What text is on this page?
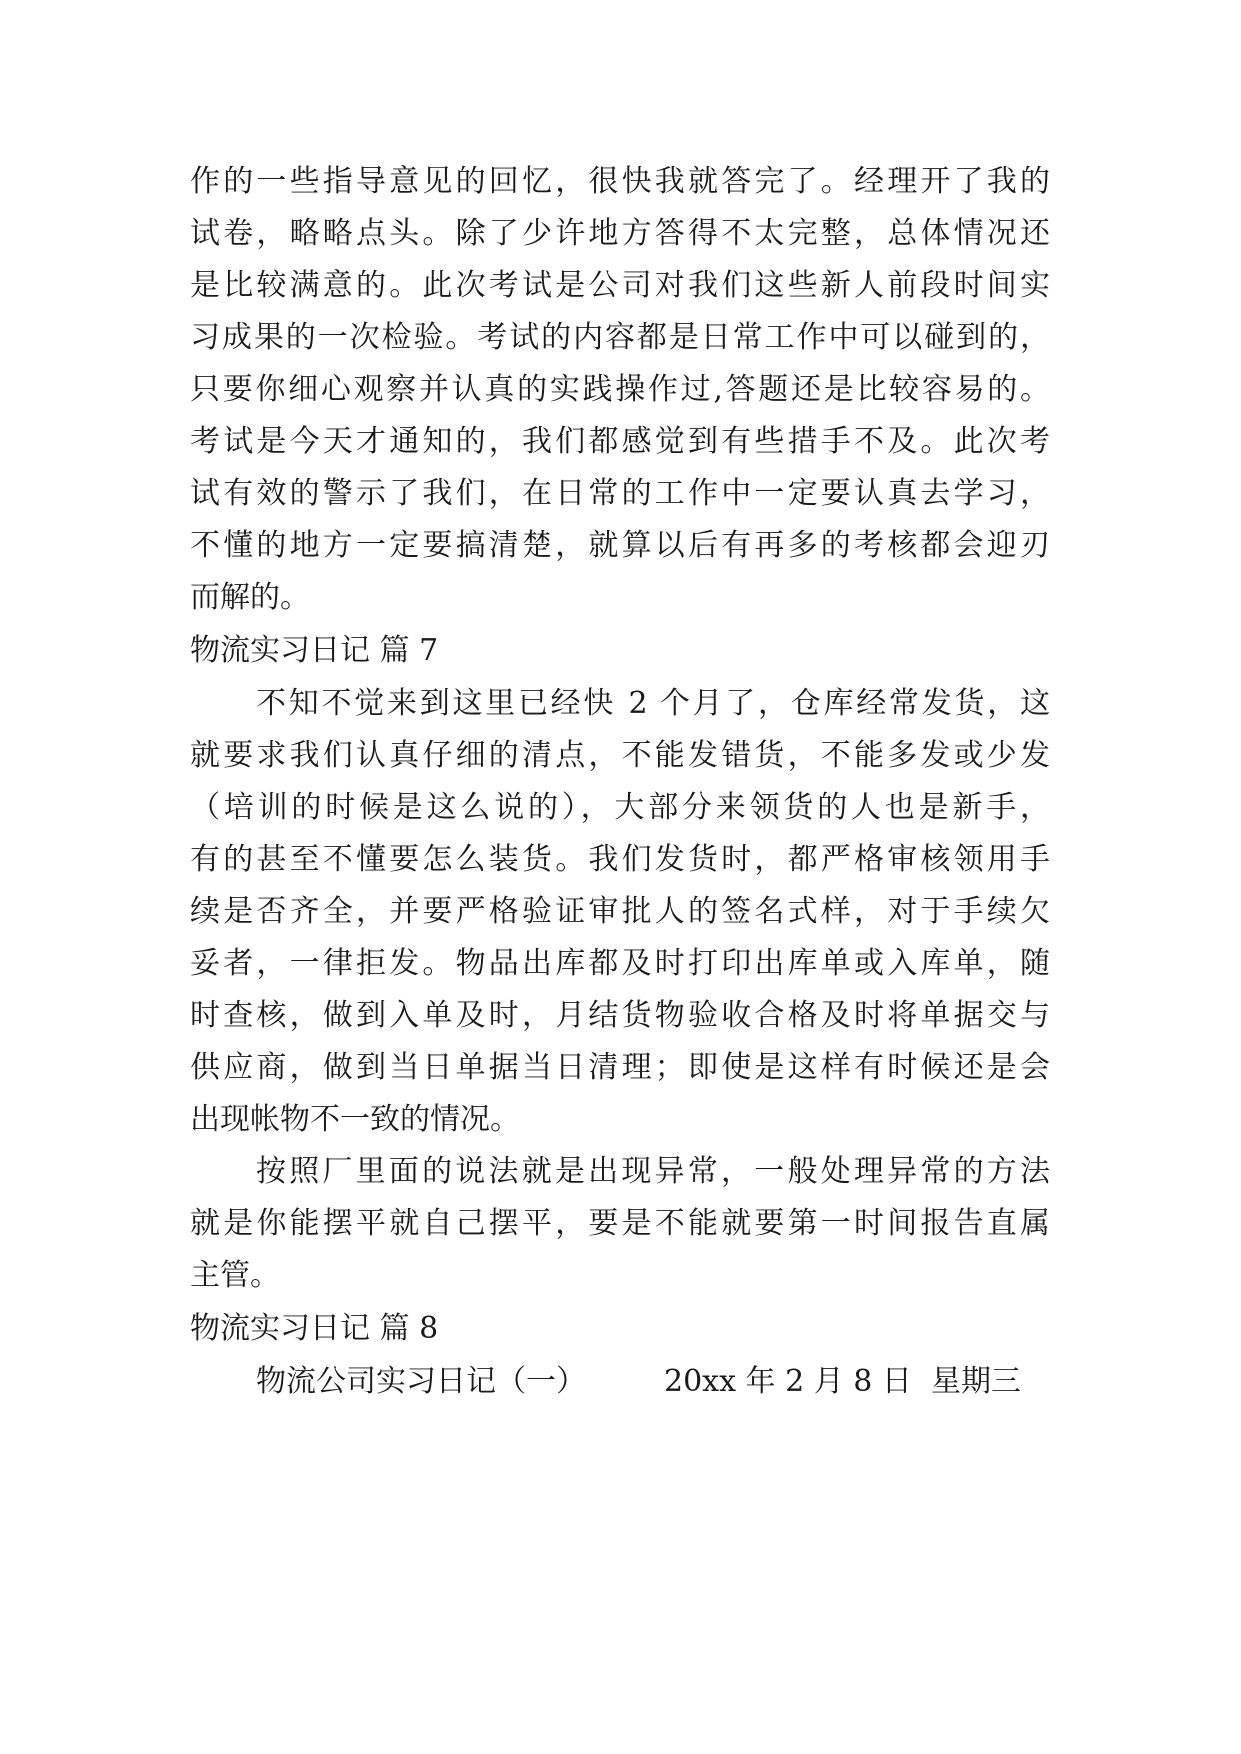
作的一些指导意见的回忆，很快我就答完了。经理开了我的
试卷，略略点头。除了少许地方答得不太完整，总体情况还
是比较满意的。此次考试是公司对我们这些新人前段时间实
习成果的一次检验。考试的内容都是日常工作中可以碰到的，
只要你细心观察并认真的实践操作过,答题还是比较容易的。
考试是今天才通知的，我们都感觉到有些措手不及。此次考
试有效的警示了我们，在日常的工作中一定要认真去学习，
不懂的地方一定要搞清楚，就算以后有再多的考核都会迎刃
而解的。
物流实习日记 篇 7
不知不觉来到这里已经快 2 个月了，仓库经常发货，这
就要求我们认真仔细的清点，不能发错货，不能多发或少发
（培训的时候是这么说的），大部分来领货的人也是新手，
有的甚至不懂要怎么装货。我们发货时，都严格审核领用手
续是否齐全，并要严格验证审批人的签名式样，对于手续欠
妥者，一律拒发。物品出库都及时打印出库单或入库单，随
时查核，做到入单及时，月结货物验收合格及时将单据交与
供应商，做到当日单据当日清理；即使是这样有时候还是会
出现帐物不一致的情况。
按照厂里面的说法就是出现异常，一般处理异常的方法
就是你能摆平就自己摆平，要是不能就要第一时间报告直属
主管。
物流实习日记 篇 8
物流公司实习日记（一）	20xx 年 2 月 8 日  星期三
